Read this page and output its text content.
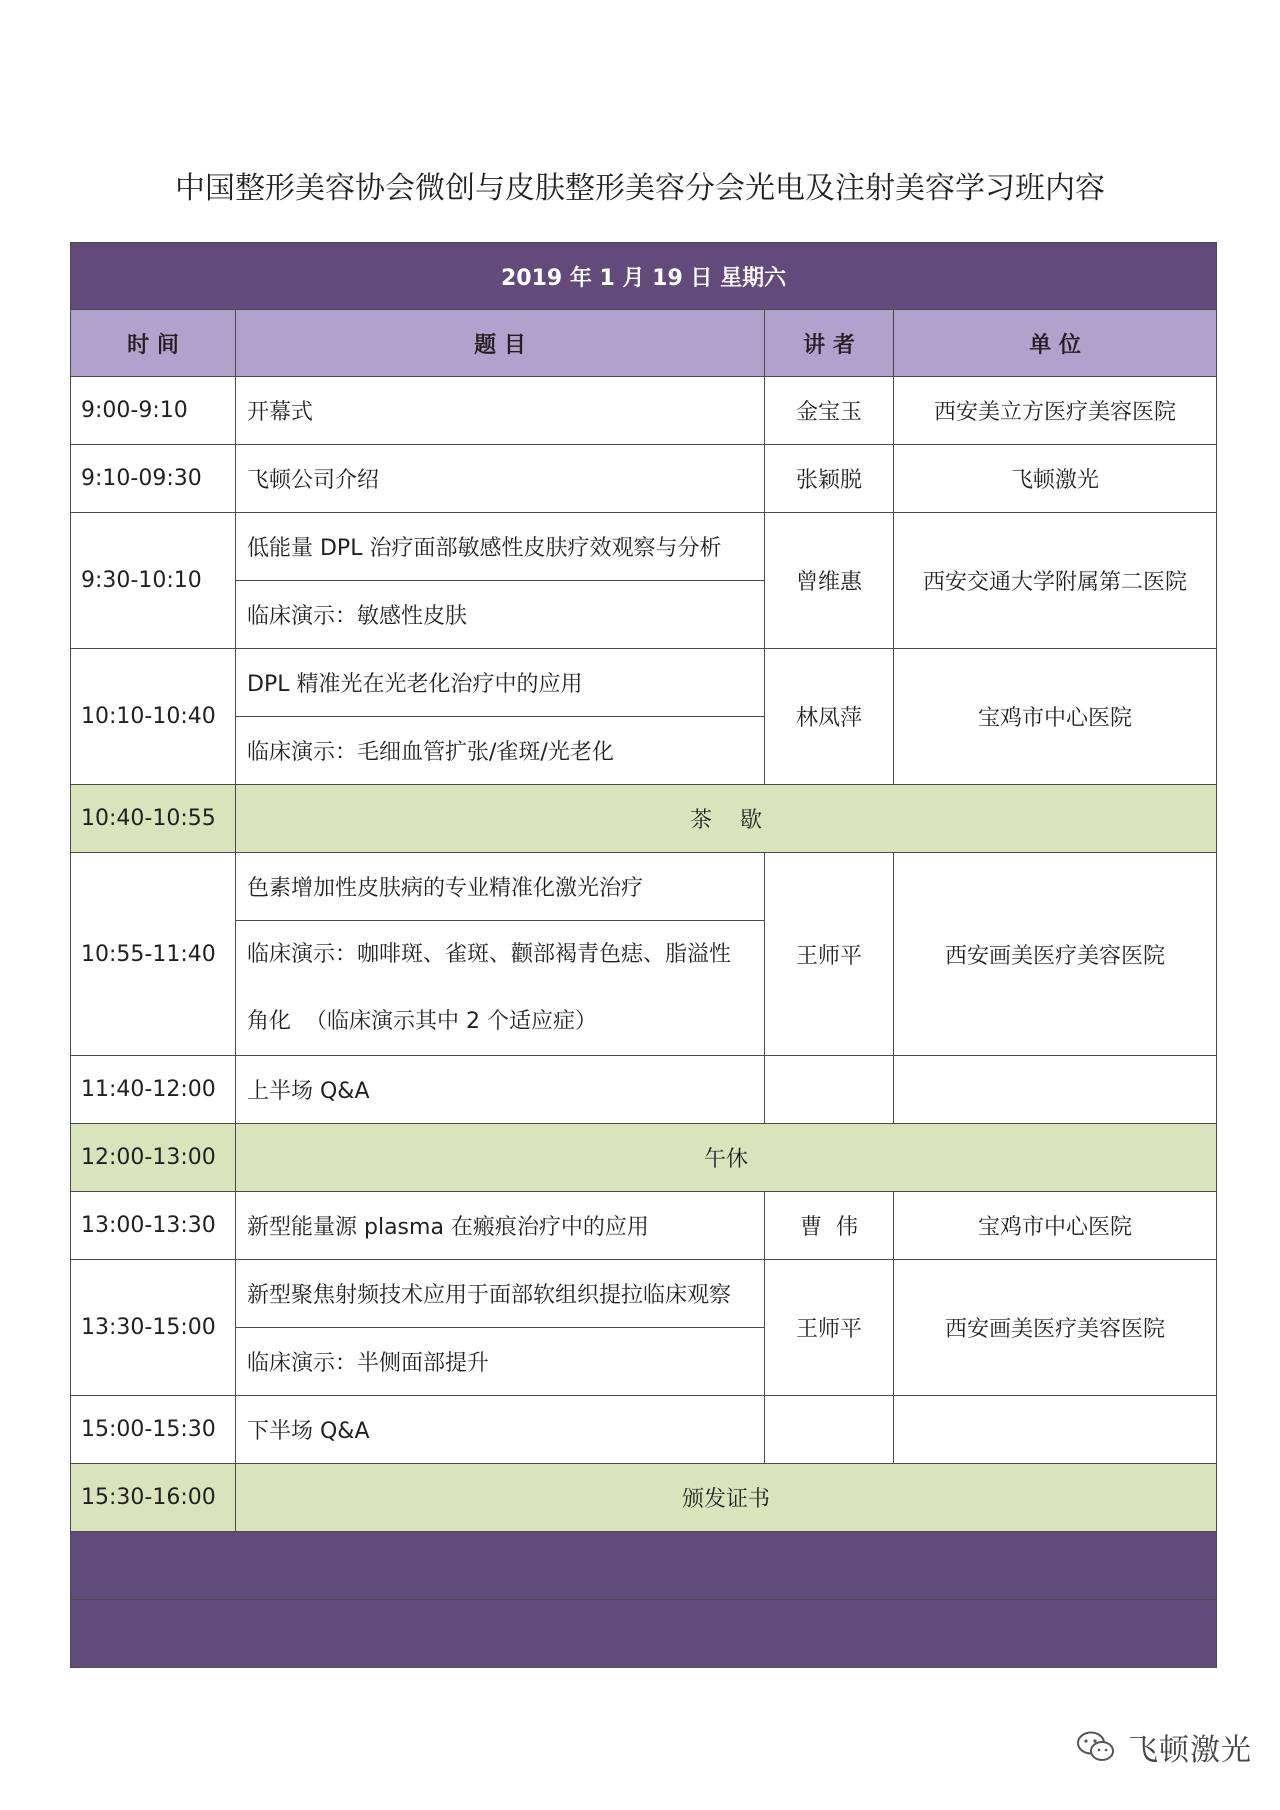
中国整形美容协会微创与皮肤整形美容分会光电及注射美容学习班内容
2019 年 1 月 19 日 星期六			
时 间	题 目	讲 者	单 位
9:00-9:10	开幕式	金宝玉	西安美立方医疗美容医院
9:10-09:30	飞顿公司介绍	张颖脱	飞顿激光
9:30-10:10	低能量 DPL 治疗面部敏感性皮肤疗效观察与分析	曾维惠	西安交通大学附属第二医院
	临床演示：敏感性皮肤		
10:10-10:40	DPL 精准光在光老化治疗中的应用	林凤萍	宝鸡市中心医院
	临床演示：毛细血管扩张/雀斑/光老化		
10:40-10:55	茶    歇		
10:55-11:40	色素增加性皮肤病的专业精准化激光治疗	王师平	西安画美医疗美容医院

	临床演示：咖啡斑、雀斑、颧部褐青色痣、脂溢性
角化  （临床演示其中 2 个适应症）		

11:40-12:00	上半场 Q&A		
12:00-13:00	午休		
13:00-13:30	新型能量源 plasma 在瘢痕治疗中的应用	曹  伟	宝鸡市中心医院
13:30-15:00	新型聚焦射频技术应用于面部软组织提拉临床观察	王师平	西安画美医疗美容医院
	临床演示：半侧面部提升		
15:00-15:30	下半场 Q&A		
15:30-16:00	颁发证书		

飞顿激光
